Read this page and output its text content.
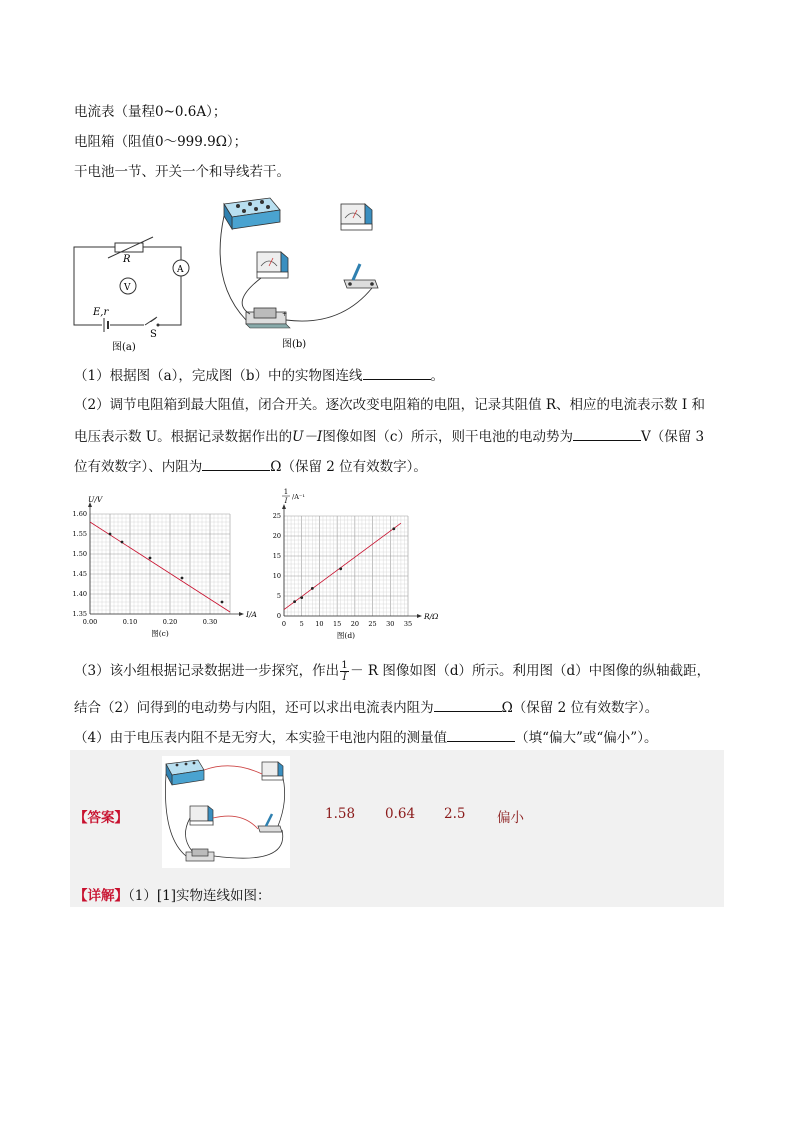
电流表（量程0~0.6A）；
电阻箱（阻值0～999.9Ω）；
干电池一节、开关一个和导线若干。
R
V
A
E,r
S
图(a)
+
图(b)
（1）根据图（a），完成图（b）中的实物图连线	。
（2）调节电阻箱到最大阻值，闭合开关。逐次改变电阻箱的电阻，记录其阻值 R、相应的电流表示数 I 和
电压表示数 U。根据记录数据作出的U－I图像如图（c）所示，则干电池的电动势为	V（保留 3
位有效数字）、内阻为	Ω（保留 2 位有效数字）。
0.00	0.10	0.20	0.30
1.35
1.40
1.45
1.50
1.55
1.60
I/A
U/V
图(c)
0 5 10 15 20 25 30 35
0
5
10
15
20
25
R/Ω
1
I /A⁻¹
图(d)
（3）该小组根据记录数据进一步探究，作出 $\frac{1}{I} - R$ 图像如图（d）所示。利用图（d）中图像的纵轴截距，
结合（2）问得到的电动势与内阻，还可以求出电流表内阻为	Ω（保留 2 位有效数字）。
（4）由于电压表内阻不是无穷大，本实验干电池内阻的测量值	（填“偏大”或“偏小”）。
【答案】	1.58 0.64 2.5 偏小
【详解】（1）[1]实物连线如图：
